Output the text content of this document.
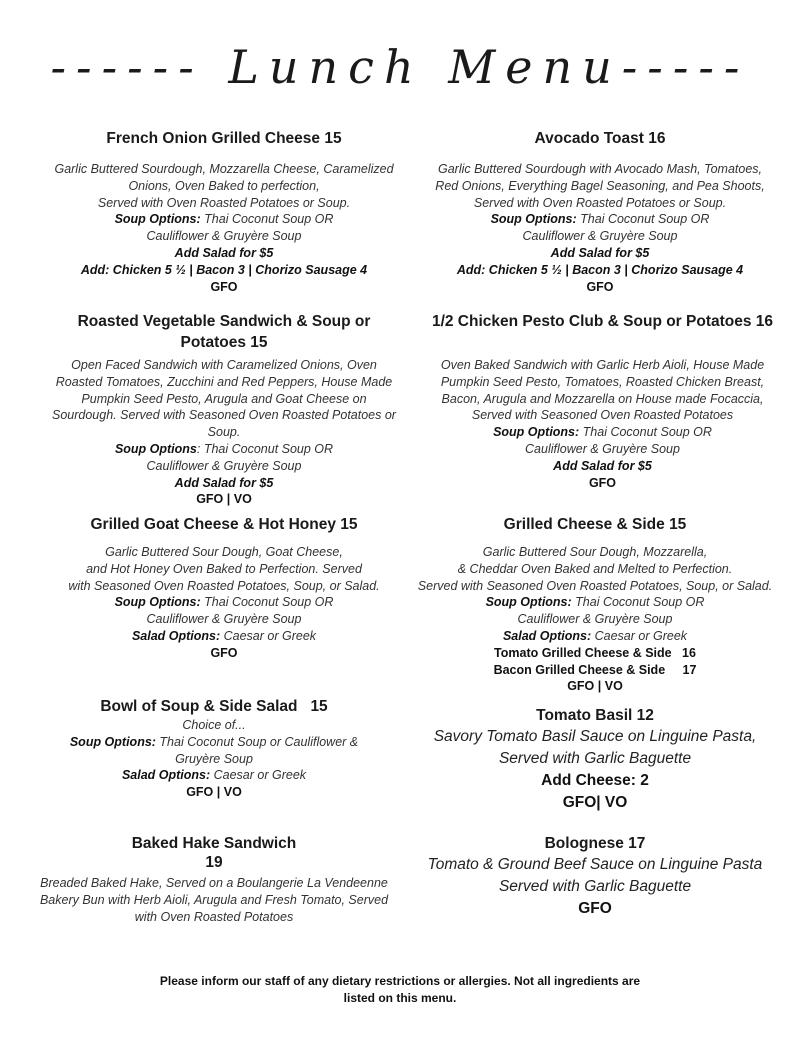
------ Lunch Menu-----
French Onion Grilled Cheese 15
Garlic Buttered Sourdough, Mozzarella Cheese, Caramelized
Onions, Oven Baked to perfection,
Served with Oven Roasted Potatoes or Soup.
Soup Options: Thai Coconut Soup OR
Cauliflower & Gruyère Soup
Add Salad for $5
Add: Chicken 5 ½ | Bacon 3 | Chorizo Sausage 4
GFO
Avocado Toast 16
Garlic Buttered Sourdough with Avocado Mash, Tomatoes,
Red Onions, Everything Bagel Seasoning, and Pea Shoots,
Served with Oven Roasted Potatoes or Soup.
Soup Options: Thai Coconut Soup OR
Cauliflower & Gruyère Soup
Add Salad for $5
Add: Chicken 5 ½ | Bacon 3 | Chorizo Sausage 4
GFO
Roasted Vegetable Sandwich & Soup or
Potatoes 15
Open Faced Sandwich with Caramelized Onions, Oven
Roasted Tomatoes, Zucchini and Red Peppers, House Made
Pumpkin Seed Pesto, Arugula and Goat Cheese on
Sourdough. Served with Seasoned Oven Roasted Potatoes or
Soup.
Soup Options: Thai Coconut Soup OR
Cauliflower & Gruyère Soup
Add Salad for $5
GFO | VO
1/2 Chicken Pesto Club & Soup or Potatoes 16
Oven Baked Sandwich with Garlic Herb Aioli, House Made
Pumpkin Seed Pesto, Tomatoes, Roasted Chicken Breast,
Bacon, Arugula and Mozzarella on House made Focaccia,
Served with Seasoned Oven Roasted Potatoes
Soup Options: Thai Coconut Soup OR
Cauliflower & Gruyère Soup
Add Salad for $5
GFO
Grilled Goat Cheese & Hot Honey 15
Garlic Buttered Sour Dough, Goat Cheese,
and Hot Honey Oven Baked to Perfection. Served
with Seasoned Oven Roasted Potatoes, Soup, or Salad.
Soup Options: Thai Coconut Soup OR
Cauliflower & Gruyère Soup
Salad Options: Caesar or Greek
GFO
Grilled Cheese & Side 15
Garlic Buttered Sour Dough, Mozzarella,
& Cheddar Oven Baked and Melted to Perfection.
Served with Seasoned Oven Roasted Potatoes, Soup, or Salad.
Soup Options: Thai Coconut Soup OR
Cauliflower & Gruyère Soup
Salad Options: Caesar or Greek
Tomato Grilled Cheese & Side   16
Bacon Grilled Cheese & Side     17
GFO | VO
Bowl of Soup & Side Salad   15
Choice of...
Soup Options: Thai Coconut Soup or Cauliflower &
Gruyère Soup
Salad Options: Caesar or Greek
GFO | VO
Tomato Basil 12
Savory Tomato Basil Sauce on Linguine Pasta,
Served with Garlic Baguette
Add Cheese: 2
GFO| VO
Baked Hake Sandwich
19
Breaded Baked Hake, Served on a Boulangerie La Vendeenne
Bakery Bun with Herb Aioli, Arugula and Fresh Tomato, Served
with Oven Roasted Potatoes
Bolognese 17
Tomato & Ground Beef Sauce on Linguine Pasta
Served with Garlic Baguette
GFO
Please inform our staff of any dietary restrictions or allergies. Not all ingredients are
listed on this menu.
